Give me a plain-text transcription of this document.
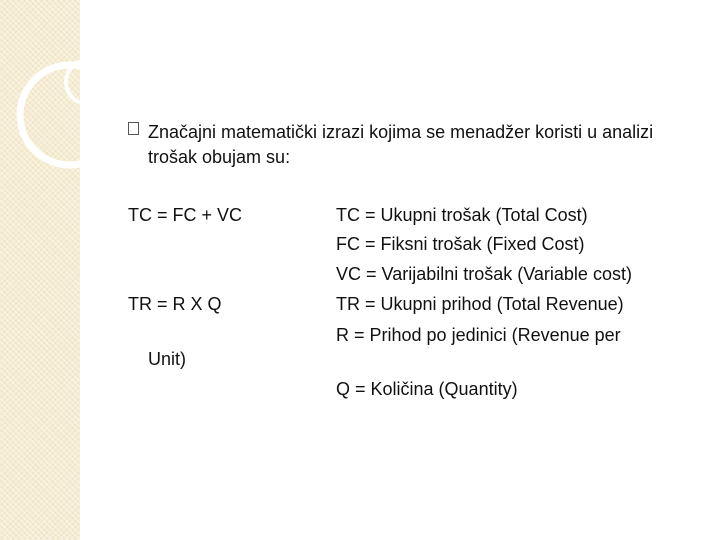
Značajni matematički izrazi kojima se menadžer koristi u analizi trošak obujam su:
TC = FC + VC
TR = R X Q
Unit)
TC = Ukupni trošak (Total Cost)
FC = Fiksni trošak (Fixed Cost)
VC = Varijabilni trošak (Variable cost)
TR = Ukupni prihod (Total Revenue)
R = Prihod po jedinici (Revenue per
Q = Količina (Quantity)
